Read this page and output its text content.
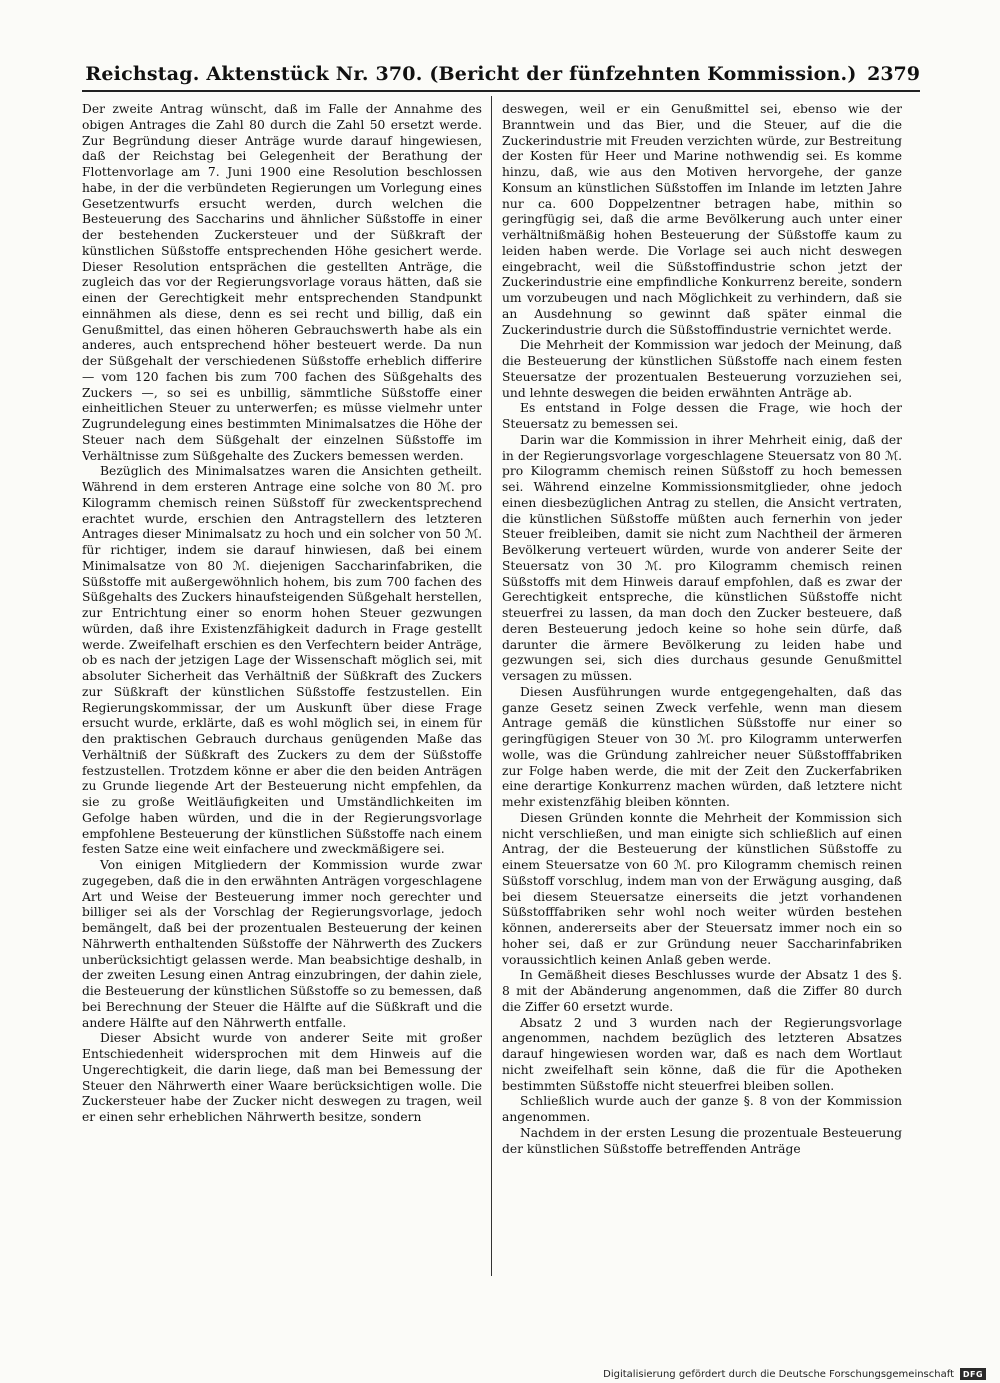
Reichstag. Aktenstück Nr. 370. (Bericht der fünfzehnten Kommission.) 2379

Der zweite Antrag wünscht, daß im Falle der Annahme des obigen Antrages die Zahl 80 durch die Zahl 50 ersetzt werde. Zur Begründung dieser Anträge wurde darauf hingewiesen, daß der Reichstag bei Gelegenheit der Berathung der Flottenvorlage am 7. Juni 1900 eine Resolution beschlossen habe, in der die verbündeten Regierungen um Vorlegung eines Gesetzentwurfs ersucht werden, durch welchen die Besteuerung des Saccharins und ähnlicher Süßstoffe in einer der bestehenden Zuckersteuer und der Süßkraft der künstlichen Süßstoffe entsprechenden Höhe gesichert werde. Dieser Resolution entsprächen die gestellten Anträge, die zugleich das vor der Regierungsvorlage voraus hätten, daß sie einen der Gerechtigkeit mehr entsprechenden Standpunkt einnähmen als diese, denn es sei recht und billig, daß ein Genußmittel, das einen höheren Gebrauchswerth habe als ein anderes, auch entsprechend höher besteuert werde. Da nun der Süßgehalt der verschiedenen Süßstoffe erheblich differire — vom 120 fachen bis zum 700 fachen des Süßgehalts des Zuckers —, so sei es unbillig, sämmtliche Süßstoffe einer einheitlichen Steuer zu unterwerfen; es müsse vielmehr unter Zugrundelegung eines bestimmten Minimalsatzes die Höhe der Steuer nach dem Süßgehalt der einzelnen Süßstoffe im Verhältnisse zum Süßgehalte des Zuckers bemessen werden.

Bezüglich des Minimalsatzes waren die Ansichten getheilt. Während in dem ersteren Antrage eine solche von 80 ℳ. pro Kilogramm chemisch reinen Süßstoff für zweckentsprechend erachtet wurde, erschien den Antragstellern des letzteren Antrages dieser Minimalsatz zu hoch und ein solcher von 50 ℳ. für richtiger, indem sie darauf hinwiesen, daß bei einem Minimalsatze von 80 ℳ. diejenigen Saccharinfabriken, die Süßstoffe mit außergewöhnlich hohem, bis zum 700 fachen des Süßgehalts des Zuckers hinaufsteigenden Süßgehalt herstellen, zur Entrichtung einer so enorm hohen Steuer gezwungen würden, daß ihre Existenzfähigkeit dadurch in Frage gestellt werde. Zweifelhaft erschien es den Verfechtern beider Anträge, ob es nach der jetzigen Lage der Wissenschaft möglich sei, mit absoluter Sicherheit das Verhältniß der Süßkraft des Zuckers zur Süßkraft der künstlichen Süßstoffe festzustellen. Ein Regierungskommissar, der um Auskunft über diese Frage ersucht wurde, erklärte, daß es wohl möglich sei, in einem für den praktischen Gebrauch durchaus genügenden Maße das Verhältniß der Süßkraft des Zuckers zu dem der Süßstoffe festzustellen. Trotzdem könne er aber die den beiden Anträgen zu Grunde liegende Art der Besteuerung nicht empfehlen, da sie zu große Weitläufigkeiten und Umständlichkeiten im Gefolge haben würden, und die in der Regierungsvorlage empfohlene Besteuerung der künstlichen Süßstoffe nach einem festen Satze eine weit einfachere und zweckmäßigere sei.

Von einigen Mitgliedern der Kommission wurde zwar zugegeben, daß die in den erwähnten Anträgen vorgeschlagene Art und Weise der Besteuerung immer noch gerechter und billiger sei als der Vorschlag der Regierungsvorlage, jedoch bemängelt, daß bei der prozentualen Besteuerung der keinen Nährwerth enthaltenden Süßstoffe der Nährwerth des Zuckers unberücksichtigt gelassen werde. Man beabsichtige deshalb, in der zweiten Lesung einen Antrag einzubringen, der dahin ziele, die Besteuerung der künstlichen Süßstoffe so zu bemessen, daß bei Berechnung der Steuer die Hälfte auf die Süßkraft und die andere Hälfte auf den Nährwerth entfalle.

Dieser Absicht wurde von anderer Seite mit großer Entschiedenheit widersprochen mit dem Hinweis auf die Ungerechtigkeit, die darin liege, daß man bei Bemessung der Steuer den Nährwerth einer Waare berücksichtigen wolle. Die Zuckersteuer habe der Zucker nicht deswegen zu tragen, weil er einen sehr erheblichen Nährwerth besitze, sondern

deswegen, weil er ein Genußmittel sei, ebenso wie der Branntwein und das Bier, und die Steuer, auf die die Zuckerindustrie mit Freuden verzichten würde, zur Bestreitung der Kosten für Heer und Marine nothwendig sei. Es komme hinzu, daß, wie aus den Motiven hervorgehe, der ganze Konsum an künstlichen Süßstoffen im Inlande im letzten Jahre nur ca. 600 Doppelzentner betragen habe, mithin so geringfügig sei, daß die arme Bevölkerung auch unter einer verhältnißmäßig hohen Besteuerung der Süßstoffe kaum zu leiden haben werde. Die Vorlage sei auch nicht deswegen eingebracht, weil die Süßstoffindustrie schon jetzt der Zuckerindustrie eine empfindliche Konkurrenz bereite, sondern um vorzubeugen und nach Möglichkeit zu verhindern, daß sie an Ausdehnung so gewinnt daß später einmal die Zuckerindustrie durch die Süßstoffindustrie vernichtet werde.

Die Mehrheit der Kommission war jedoch der Meinung, daß die Besteuerung der künstlichen Süßstoffe nach einem festen Steuersatze der prozentualen Besteuerung vorzuziehen sei, und lehnte deswegen die beiden erwähnten Anträge ab.

Es entstand in Folge dessen die Frage, wie hoch der Steuersatz zu bemessen sei.

Darin war die Kommission in ihrer Mehrheit einig, daß der in der Regierungsvorlage vorgeschlagene Steuersatz von 80 ℳ. pro Kilogramm chemisch reinen Süßstoff zu hoch bemessen sei. Während einzelne Kommissionsmitglieder, ohne jedoch einen diesbezüglichen Antrag zu stellen, die Ansicht vertraten, die künstlichen Süßstoffe müßten auch fernerhin von jeder Steuer freibleiben, damit sie nicht zum Nachtheil der ärmeren Bevölkerung verteuert würden, wurde von anderer Seite der Steuersatz von 30 ℳ. pro Kilogramm chemisch reinen Süßstoffs mit dem Hinweis darauf empfohlen, daß es zwar der Gerechtigkeit entspreche, die künstlichen Süßstoffe nicht steuerfrei zu lassen, da man doch den Zucker besteuere, daß deren Besteuerung jedoch keine so hohe sein dürfe, daß darunter die ärmere Bevölkerung zu leiden habe und gezwungen sei, sich dies durchaus gesunde Genußmittel versagen zu müssen.

Diesen Ausführungen wurde entgegengehalten, daß das ganze Gesetz seinen Zweck verfehle, wenn man diesem Antrage gemäß die künstlichen Süßstoffe nur einer so geringfügigen Steuer von 30 ℳ. pro Kilogramm unterwerfen wolle, was die Gründung zahlreicher neuer Süßstofffabriken zur Folge haben werde, die mit der Zeit den Zuckerfabriken eine derartige Konkurrenz machen würden, daß letztere nicht mehr existenzfähig bleiben könnten.

Diesen Gründen konnte die Mehrheit der Kommission sich nicht verschließen, und man einigte sich schließlich auf einen Antrag, der die Besteuerung der künstlichen Süßstoffe zu einem Steuersatze von 60 ℳ. pro Kilogramm chemisch reinen Süßstoff vorschlug, indem man von der Erwägung ausging, daß bei diesem Steuersatze einerseits die jetzt vorhandenen Süßstofffabriken sehr wohl noch weiter würden bestehen können, andererseits aber der Steuersatz immer noch ein so hoher sei, daß er zur Gründung neuer Saccharinfabriken voraussichtlich keinen Anlaß geben werde.

In Gemäßheit dieses Beschlusses wurde der Absatz 1 des §. 8 mit der Abänderung angenommen, daß die Ziffer 80 durch die Ziffer 60 ersetzt wurde.

Absatz 2 und 3 wurden nach der Regierungsvorlage angenommen, nachdem bezüglich des letzteren Absatzes darauf hingewiesen worden war, daß es nach dem Wortlaut nicht zweifelhaft sein könne, daß die für die Apotheken bestimmten Süßstoffe nicht steuerfrei bleiben sollen.

Schließlich wurde auch der ganze §. 8 von der Kommission angenommen.

Nachdem in der ersten Lesung die prozentuale Besteuerung der künstlichen Süßstoffe betreffenden Anträge

Digitalisierung gefördert durch die Deutsche Forschungsgemeinschaft	DFG
